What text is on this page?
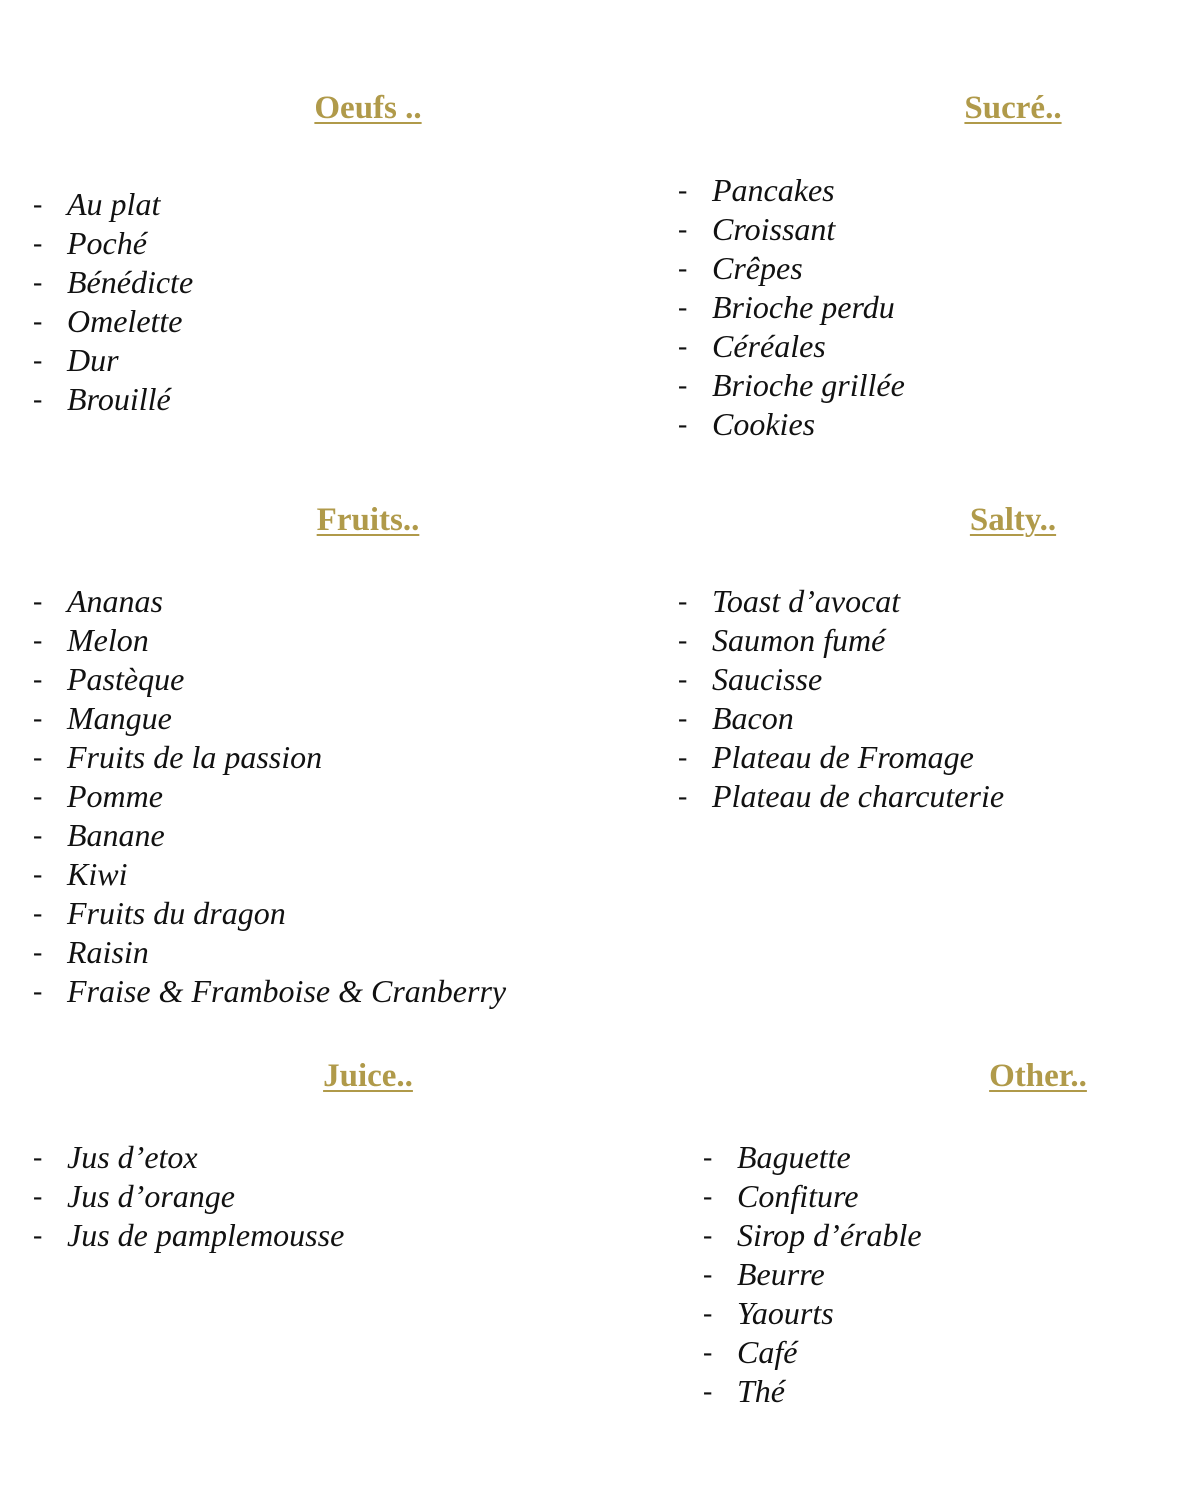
Oeufs ..
- Au plat
- Poché
- Bénédicte
- Omelette
- Dur
- Brouillé
Sucré..
- Pancakes
- Croissant
- Crêpes
- Brioche perdu
- Céréales
- Brioche grillée
- Cookies
Fruits..
- Ananas
- Melon
- Pastèque
- Mangue
- Fruits de la passion
- Pomme
- Banane
- Kiwi
- Fruits du dragon
- Raisin
- Fraise & Framboise & Cranberry
Salty..
- Toast d’avocat
- Saumon fumé
- Saucisse
- Bacon
- Plateau de Fromage
- Plateau de charcuterie
Juice..
- Jus d’etox
- Jus d’orange
- Jus de pamplemousse
Other..
- Baguette
- Confiture
- Sirop d’érable
- Beurre
- Yaourts
- Café
- Thé
